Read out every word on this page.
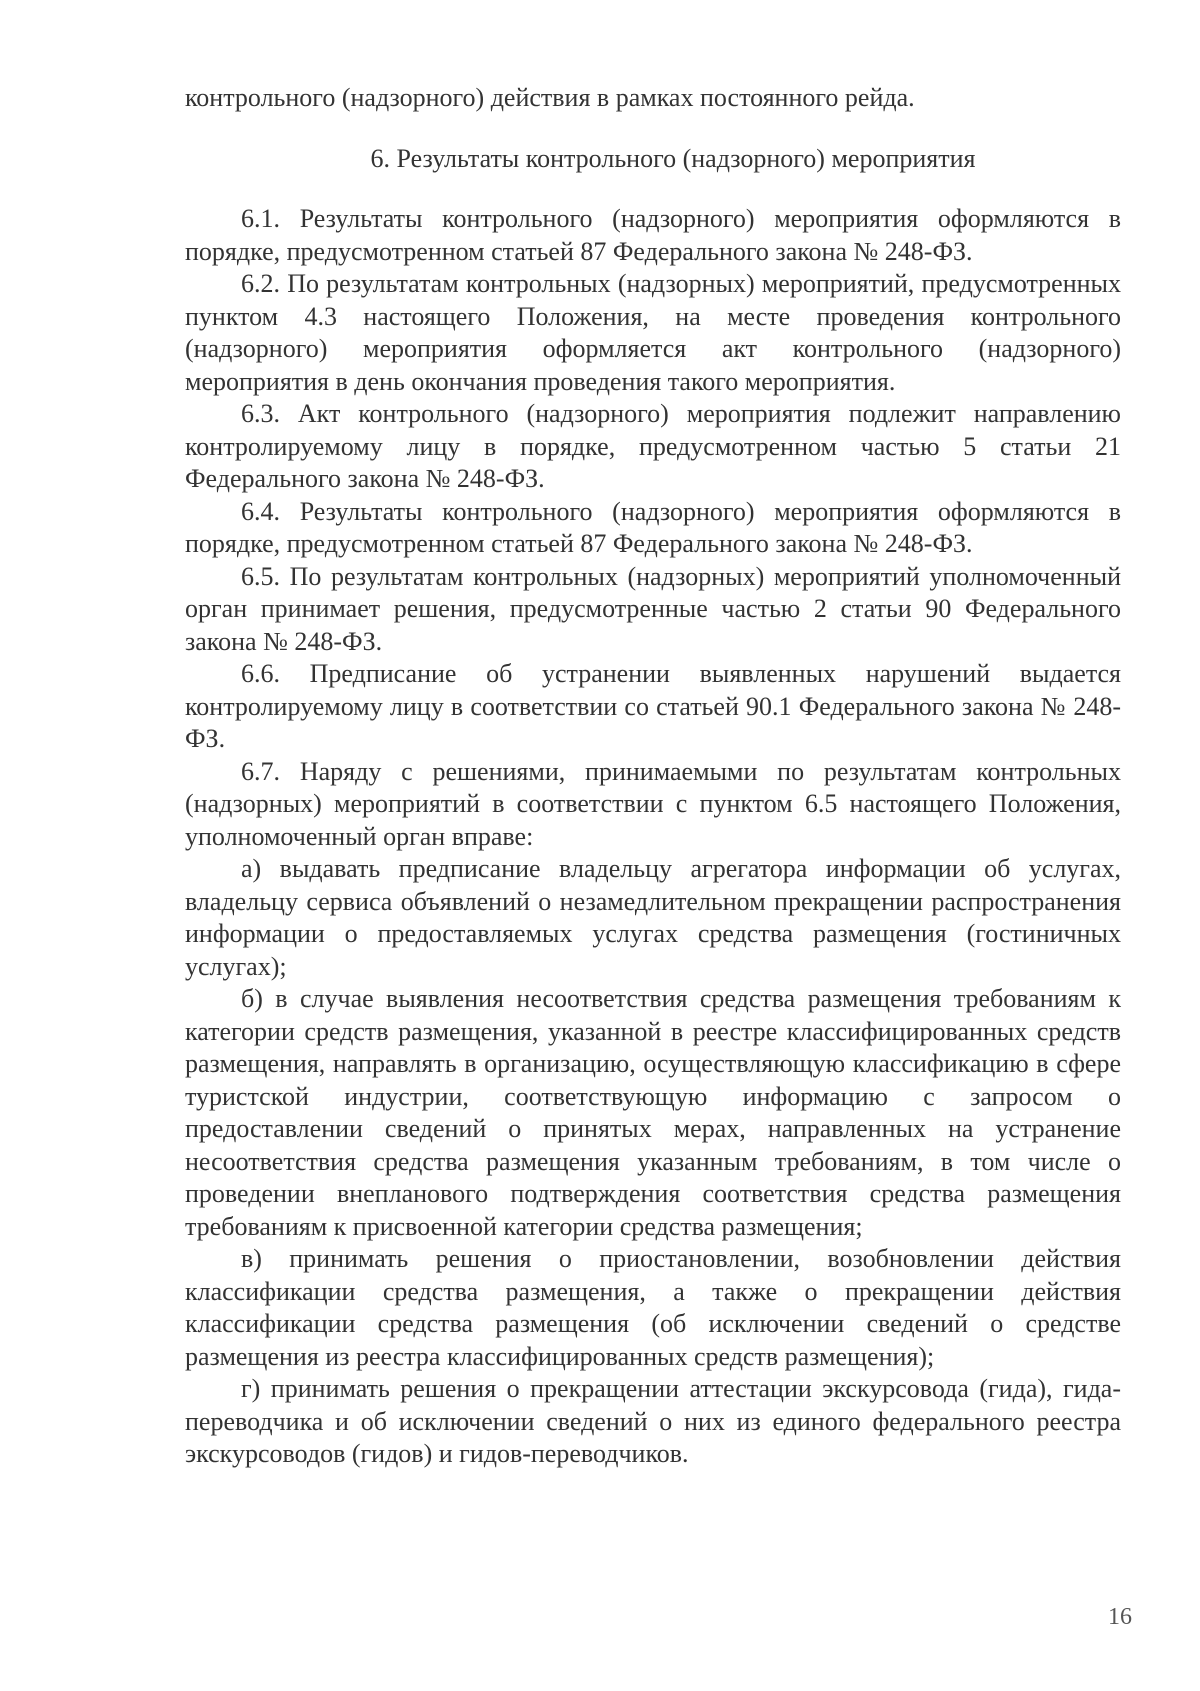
контрольного (надзорного) действия в рамках постоянного рейда.

6. Результаты контрольного (надзорного) мероприятия

6.1. Результаты контрольного (надзорного) мероприятия оформляются в порядке, предусмотренном статьей 87 Федерального закона № 248-ФЗ.

6.2. По результатам контрольных (надзорных) мероприятий, предусмотренных пунктом 4.3 настоящего Положения, на месте проведения контрольного (надзорного) мероприятия оформляется акт контрольного (надзорного) мероприятия в день окончания проведения такого мероприятия.

6.3. Акт контрольного (надзорного) мероприятия подлежит направлению контролируемому лицу в порядке, предусмотренном частью 5 статьи 21 Федерального закона № 248-ФЗ.

6.4. Результаты контрольного (надзорного) мероприятия оформляются в порядке, предусмотренном статьей 87 Федерального закона № 248-ФЗ.

6.5. По результатам контрольных (надзорных) мероприятий уполномоченный орган принимает решения, предусмотренные частью 2 статьи 90 Федерального закона № 248-ФЗ.

6.6. Предписание об устранении выявленных нарушений выдается контролируемому лицу в соответствии со статьей 90.1 Федерального закона № 248-ФЗ.

6.7. Наряду с решениями, принимаемыми по результатам контрольных (надзорных) мероприятий в соответствии с пунктом 6.5 настоящего Положения, уполномоченный орган вправе:

а) выдавать предписание владельцу агрегатора информации об услугах, владельцу сервиса объявлений о незамедлительном прекращении распространения информации о предоставляемых услугах средства размещения (гостиничных услугах);

б) в случае выявления несоответствия средства размещения требованиям к категории средств размещения, указанной в реестре классифицированных средств размещения, направлять в организацию, осуществляющую классификацию в сфере туристской индустрии, соответствующую информацию с запросом о предоставлении сведений о принятых мерах, направленных на устранение несоответствия средства размещения указанным требованиям, в том числе о проведении внепланового подтверждения соответствия средства размещения требованиям к присвоенной категории средства размещения;

в) принимать решения о приостановлении, возобновлении действия классификации средства размещения, а также о прекращении действия классификации средства размещения (об исключении сведений о средстве размещения из реестра классифицированных средств размещения);

г) принимать решения о прекращении аттестации экскурсовода (гида), гида-переводчика и об исключении сведений о них из единого федерального реестра экскурсоводов (гидов) и гидов-переводчиков.

16
